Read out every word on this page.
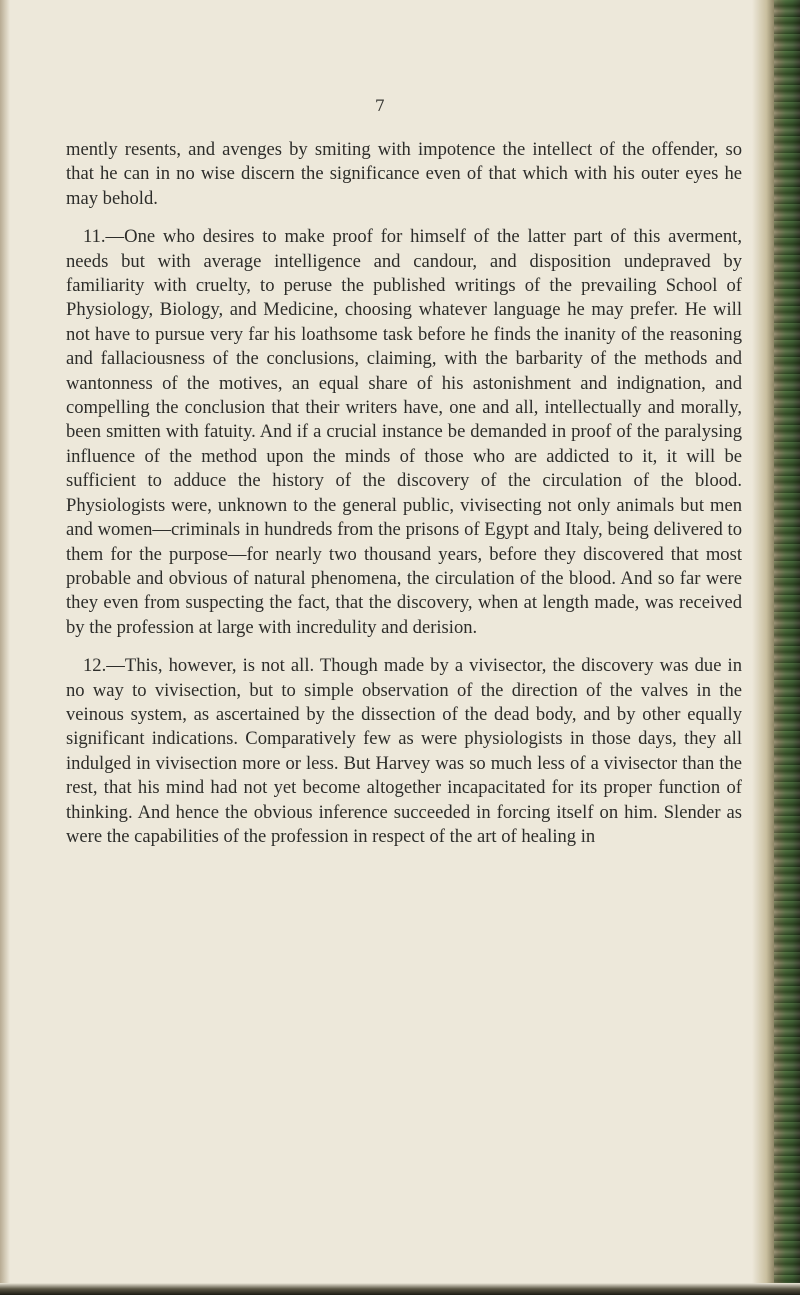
7

mently resents, and avenges by smiting with impotence the intellect of the offender, so that he can in no wise discern the significance even of that which with his outer eyes he may behold.

11.—One who desires to make proof for himself of the latter part of this averment, needs but with average intelligence and candour, and disposition undepraved by familiarity with cruelty, to peruse the published writings of the prevailing School of Physiology, Biology, and Medicine, choosing whatever language he may prefer. He will not have to pursue very far his loathsome task before he finds the inanity of the reasoning and fallaciousness of the conclusions, claiming, with the barbarity of the methods and wantonness of the motives, an equal share of his astonishment and indignation, and compelling the conclusion that their writers have, one and all, intellectually and morally, been smitten with fatuity. And if a crucial instance be demanded in proof of the paralysing influence of the method upon the minds of those who are addicted to it, it will be sufficient to adduce the history of the discovery of the circulation of the blood. Physiologists were, unknown to the general public, vivisecting not only animals but men and women—criminals in hundreds from the prisons of Egypt and Italy, being delivered to them for the purpose—for nearly two thousand years, before they discovered that most probable and obvious of natural phenomena, the circulation of the blood. And so far were they even from suspecting the fact, that the discovery, when at length made, was received by the profession at large with incredulity and derision.

12.—This, however, is not all. Though made by a vivisector, the discovery was due in no way to vivisection, but to simple observation of the direction of the valves in the veinous system, as ascertained by the dissection of the dead body, and by other equally significant indications. Comparatively few as were physiologists in those days, they all indulged in vivisection more or less. But Harvey was so much less of a vivisector than the rest, that his mind had not yet become altogether incapacitated for its proper function of thinking. And hence the obvious inference succeeded in forcing itself on him. Slender as were the capabilities of the profession in respect of the art of healing in
